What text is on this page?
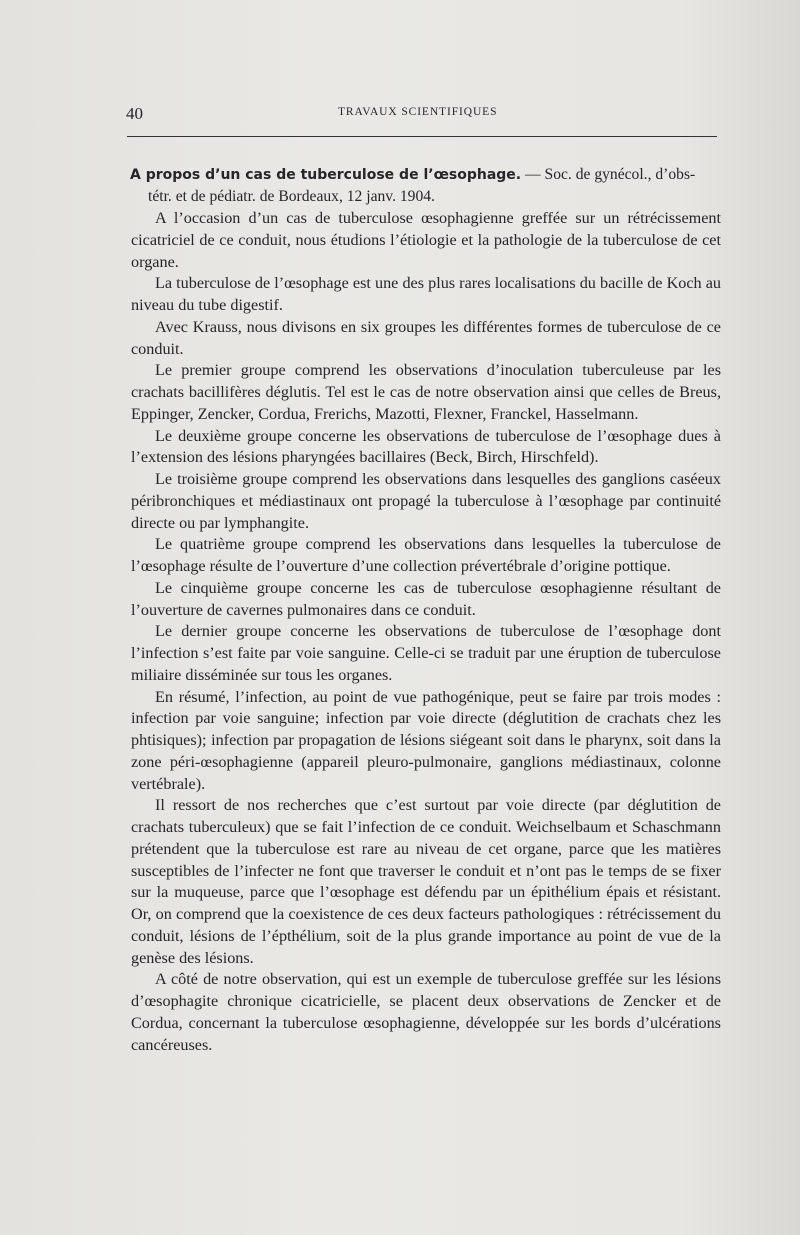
40	TRAVAUX SCIENTIFIQUES
A propos d’un cas de tuberculose de l’œsophage. — Soc. de gynécol., d’obs-
tétr. et de pédiatr. de Bordeaux, 12 janv. 1904.

A l’occasion d’un cas de tuberculose œsophagienne greffée sur un rétrécissement cicatriciel de ce conduit, nous étudions l’étiologie et la pathologie de la tuberculose de cet organe.

La tuberculose de l’œsophage est une des plus rares localisations du bacille de Koch au niveau du tube digestif.

Avec Krauss, nous divisons en six groupes les différentes formes de tuberculose de ce conduit.

Le premier groupe comprend les observations d’inoculation tuberculeuse par les crachats bacillifères déglutis. Tel est le cas de notre observation ainsi que celles de Breus, Eppinger, Zencker, Cordua, Frerichs, Mazotti, Flexner, Franckel, Hasselmann.

Le deuxième groupe concerne les observations de tuberculose de l’œsophage dues à l’extension des lésions pharyngées bacillaires (Beck, Birch, Hirschfeld).

Le troisième groupe comprend les observations dans lesquelles des ganglions caséeux péribronchiques et médiastinaux ont propagé la tuberculose à l’œsophage par continuité directe ou par lymphangite.

Le quatrième groupe comprend les observations dans lesquelles la tuberculose de l’œsophage résulte de l’ouverture d’une collection prévertébrale d’origine pottique.

Le cinquième groupe concerne les cas de tuberculose œsophagienne résultant de l’ouverture de cavernes pulmonaires dans ce conduit.

Le dernier groupe concerne les observations de tuberculose de l’œsophage dont l’infection s’est faite par voie sanguine. Celle-ci se traduit par une éruption de tuberculose miliaire disséminée sur tous les organes.

En résumé, l’infection, au point de vue pathogénique, peut se faire par trois modes : infection par voie sanguine; infection par voie directe (déglutition de crachats chez les phtisiques); infection par propagation de lésions siégeant soit dans le pharynx, soit dans la zone péri-œsophagienne (appareil pleuro-pulmonaire, ganglions médiastinaux, colonne vertébrale).

Il ressort de nos recherches que c’est surtout par voie directe (par déglutition de crachats tuberculeux) que se fait l’infection de ce conduit. Weichselbaum et Schaschmann prétendent que la tuberculose est rare au niveau de cet organe, parce que les matières susceptibles de l’infecter ne font que traverser le conduit et n’ont pas le temps de se fixer sur la muqueuse, parce que l’œsophage est défendu par un épithélium épais et résistant. Or, on comprend que la coexistence de ces deux facteurs pathologiques : rétrécissement du conduit, lésions de l’épthélium, soit de la plus grande importance au point de vue de la genèse des lésions.

A côté de notre observation, qui est un exemple de tuberculose greffée sur les lésions d’œsophagite chronique cicatricielle, se placent deux observations de Zencker et de Cordua, concernant la tuberculose œsophagienne, développée sur les bords d’ulcérations cancéreuses.
